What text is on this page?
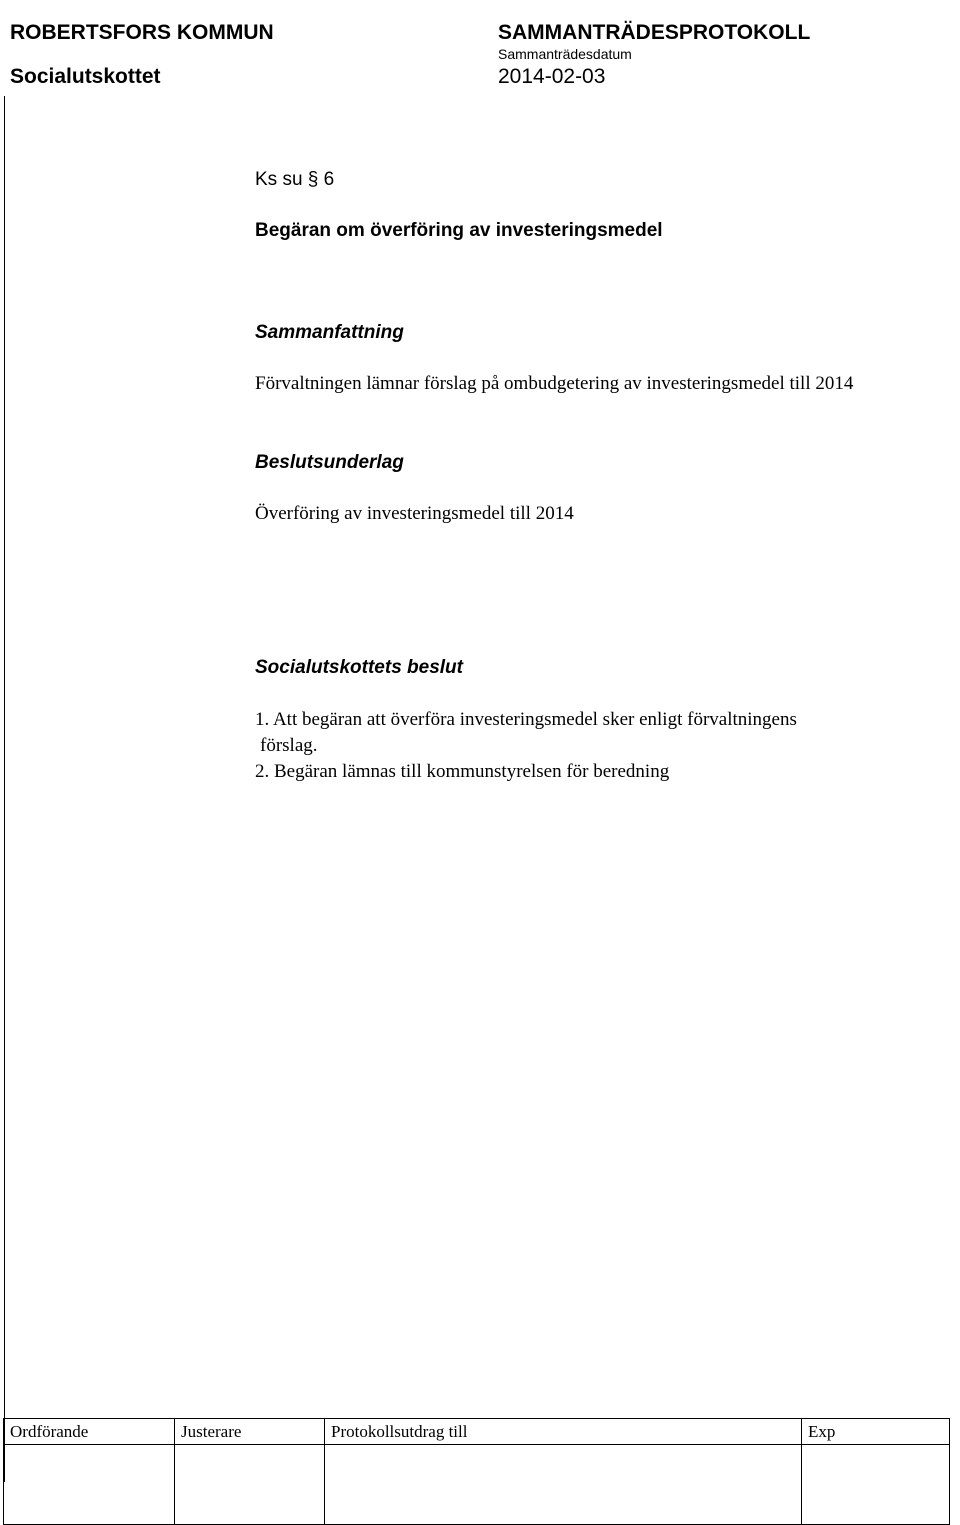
ROBERTSFORS KOMMUN	SAMMANTRÄDESPROTOKOLL
Sammanträdesdatum
Socialutskottet	2014-02-03
Ks su § 6
Begäran om överföring av investeringsmedel
Sammanfattning
Förvaltningen lämnar förslag på ombudgetering av investeringsmedel till 2014
Beslutsunderlag
Överföring av investeringsmedel till 2014
Socialutskottets beslut
1. Att begäran att överföra investeringsmedel sker enligt förvaltningens
förslag.
2. Begäran lämnas till kommunstyrelsen för beredning
Ordförande	Justerare	Protokollsutdrag till	Exp
